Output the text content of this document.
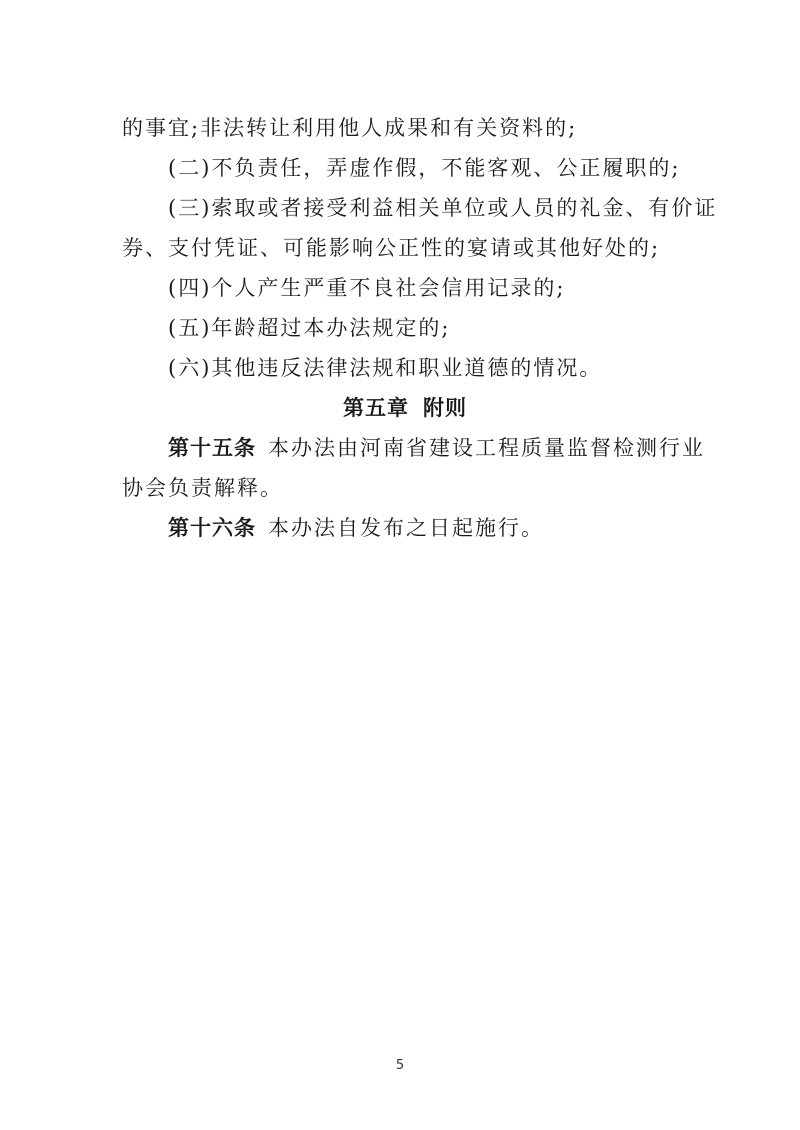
的事宜;非法转让利用他人成果和有关资料的;
(二)不负责任，弄虚作假，不能客观、公正履职的;
(三)索取或者接受利益相关单位或人员的礼金、有价证
券、支付凭证、可能影响公正性的宴请或其他好处的;
(四)个人产生严重不良社会信用记录的;
(五)年龄超过本办法规定的;
(六)其他违反法律法规和职业道德的情况。
第五章 附则
第十五条 本办法由河南省建设工程质量监督检测行业
协会负责解释。
第十六条 本办法自发布之日起施行。
5
